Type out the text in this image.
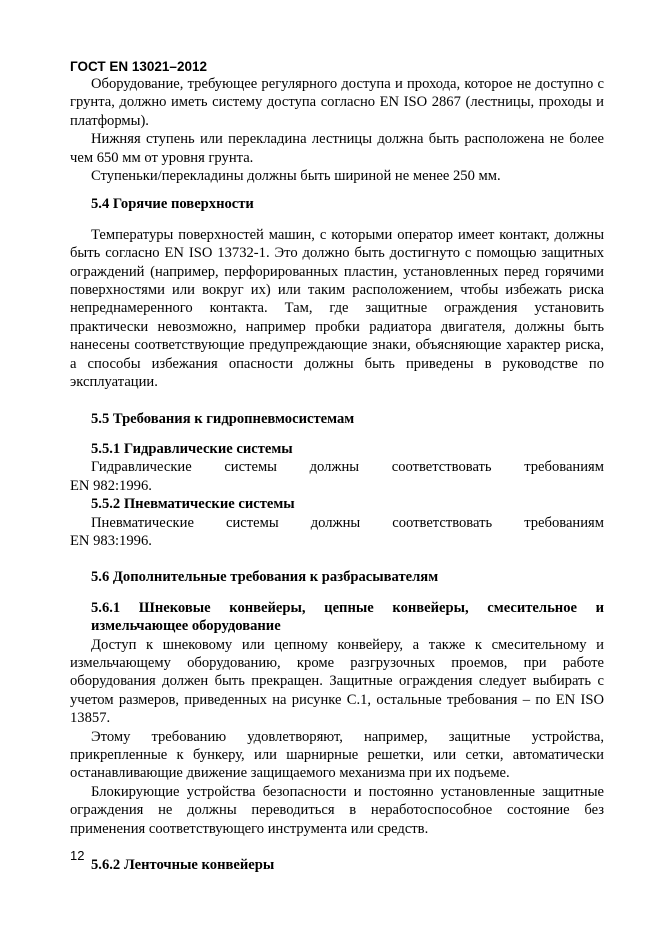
ГОСТ EN 13021–2012

Оборудование, требующее регулярного доступа и прохода, которое не доступно с грунта, должно иметь систему доступа согласно EN ISO 2867 (лестницы, проходы и платформы).

Нижняя ступень или перекладина лестницы должна быть расположена не более чем 650 мм от уровня грунта.

Ступеньки/перекладины должны быть шириной не менее 250 мм.

5.4 Горячие поверхности

Температуры поверхностей машин, с которыми оператор имеет контакт, должны быть согласно EN ISO 13732-1. Это должно быть достигнуто с помощью защитных ограждений (например, перфорированных пластин, установленных перед горячими поверхностями или вокруг их) или таким расположением, чтобы избежать риска непреднамеренного контакта. Там, где защитные ограждения установить практически невозможно, например пробки радиатора двигателя, должны быть нанесены соответствующие предупреждающие знаки, объясняющие характер риска, а способы избежания опасности должны быть приведены в руководстве по эксплуатации.

5.5 Требования к гидропневмосистемам
5.5.1 Гидравлические системы

Гидравлические системы должны соответствовать требованиям

EN 982:1996.

5.5.2 Пневматические системы

Пневматические системы должны соответствовать требованиям

EN 983:1996.

5.6 Дополнительные требования к разбрасывателям
5.6.1 Шнековые конвейеры, цепные конвейеры, смесительное и измельчающее оборудование

Доступ к шнековому или цепному конвейеру, а также к смесительному и измельчающему оборудованию, кроме разгрузочных проемов, при работе оборудования должен быть прекращен. Защитные ограждения следует выбирать с учетом размеров, приведенных на рисунке С.1, остальные требования – по EN ISO 13857.

Этому требованию удовлетворяют, например, защитные устройства, прикрепленные к бункеру, или шарнирные решетки, или сетки, автоматически останавливающие движение защищаемого механизма при их подъеме.

Блокирующие устройства безопасности и постоянно установленные защитные ограждения не должны переводиться в неработоспособное состояние без применения соответствующего инструмента или средств.

5.6.2 Ленточные конвейеры
12
